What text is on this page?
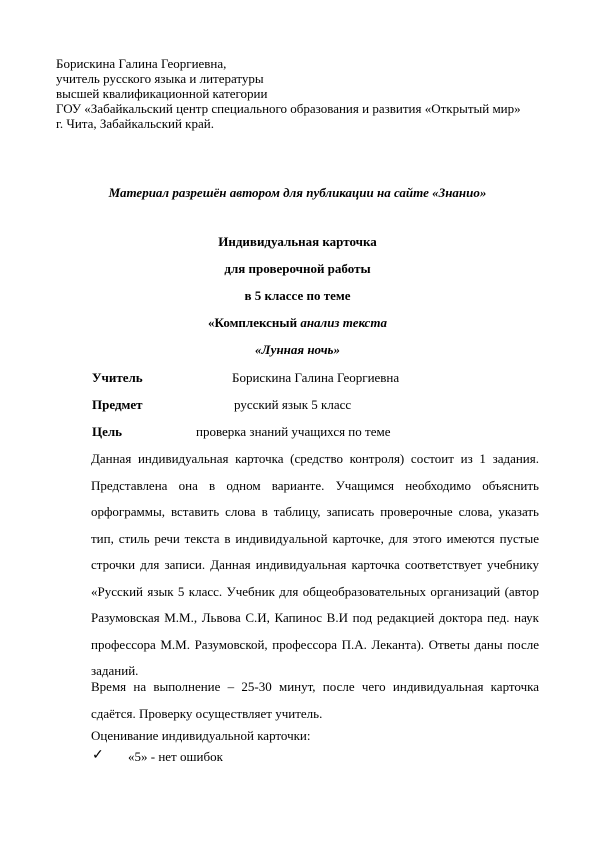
Борискина Галина Георгиевна,
учитель русского языка и литературы
высшей квалификационной категории
ГОУ «Забайкальский центр специального образования и развития «Открытый мир»
г. Чита, Забайкальский край.
Материал разрешён автором для публикации на сайте «Знанио»
Индивидуальная карточка
для проверочной работы
в 5 классе по теме
«Комплексный анализ текста
«Лунная ночь»
Учитель	Борискина Галина Георгиевна
Предмет	русский язык 5 класс
Цель	проверка знаний учащихся по теме
Данная индивидуальная карточка (средство контроля) состоит из 1 задания. Представлена она в одном варианте. Учащимся необходимо объяснить орфограммы, вставить слова в таблицу, записать проверочные слова, указать тип, стиль речи текста в индивидуальной карточке, для этого имеются пустые строчки для записи. Данная индивидуальная карточка соответствует учебнику «Русский язык 5 класс. Учебник для общеобразовательных организаций (автор Разумовская М.М., Львова С.И, Капинос В.И под редакцией доктора пед. наук профессора М.М. Разумовской, профессора П.А. Леканта). Ответы даны после заданий.
Время на выполнение – 25-30 минут, после чего индивидуальная карточка сдаётся. Проверку осуществляет учитель.
Оценивание индивидуальной карточки:
✓ «5» - нет ошибок
